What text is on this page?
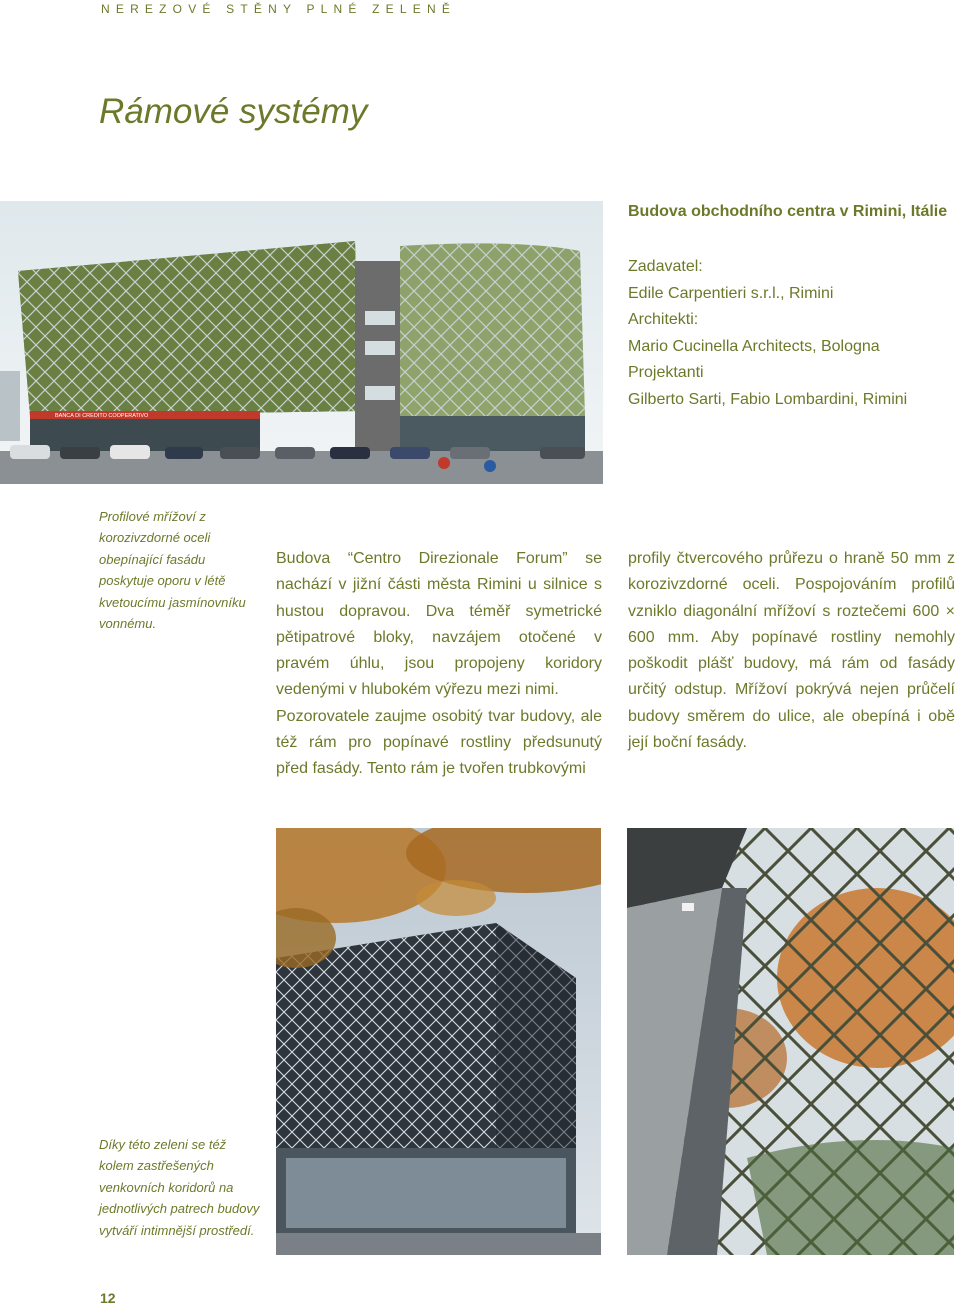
NEREZOVÉ STĚNY PLNÉ ZELENĚ
Rámové systémy
BANCA DI CREDITO COOPERATIVO
Budova obchodního centra v Rimini, Itálie
Zadavatel:
Edile Carpentieri s.r.l., Rimini
Architekti:
Mario Cucinella Architects, Bologna
Projektanti
Gilberto Sarti, Fabio Lombardini, Rimini
Profilové mřížoví z korozivzdorné oceli obepínající fasádu poskytuje oporu v létě kvetoucímu jasmínovníku vonnému.

Budova “Centro Direzionale Forum” se nachází v jižní části města Rimini u silnice s hustou dopravou. Dva téměř symetrické pětipatrové bloky, navzájem otočené v pravém úhlu, jsou propojeny koridory vedenými v hlubokém výřezu mezi nimi.

Pozorovatele zaujme osobitý tvar budovy, ale též rám pro popínavé rostliny předsunutý před fasády. Tento rám je tvořen trubkovými

profily čtvercového průřezu o hraně 50 mm z korozivzdorné oceli. Pospojováním profilů vzniklo diagonální mřížoví s roztečemi 600 × 600 mm. Aby popínavé rostliny nemohly poškodit plášť budovy, má rám od fasády určitý odstup. Mřížoví pokrývá nejen průčelí budovy směrem do ulice, ale obepíná i obě její boční fasády.

Díky této zeleni se též kolem zastřešených venkovních koridorů na jednotlivých patrech budovy vytváří intimnější prostředí.
12
